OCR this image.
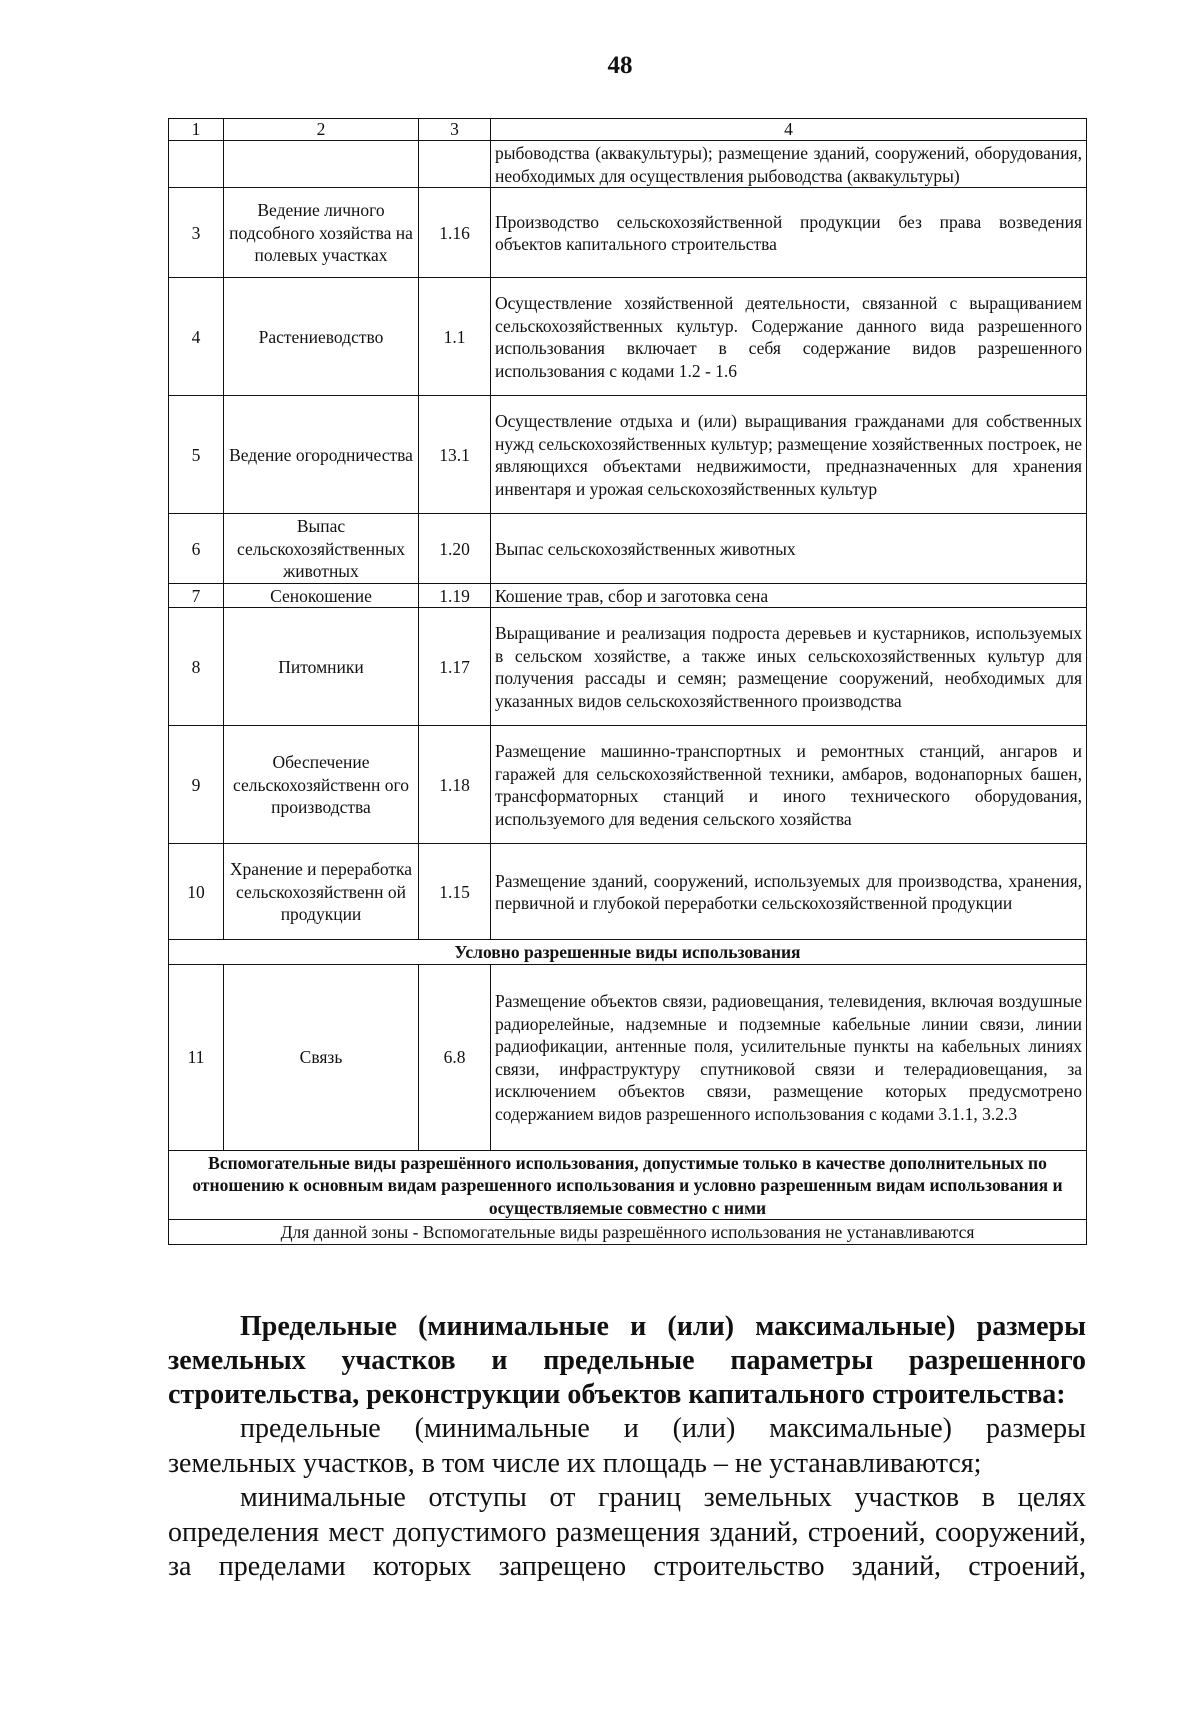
48
1	2	3	4
			рыбоводства (аквакультуры); размещение зданий, сооружений, оборудования, необходимых для осуществления рыбоводства (аквакультуры)
3	Ведение личного подсобного хозяйства на полевых участках	1.16	Производство сельскохозяйственной продукции без права возведения объектов капитального строительства
4	Растениеводство	1.1	Осуществление хозяйственной деятельности, связанной с выращиванием сельскохозяйственных культур. Содержание данного вида разрешенного использования включает в себя содержание видов разрешенного использования с кодами 1.2 - 1.6
5	Ведение огородничества	13.1	Осуществление отдыха и (или) выращивания гражданами для собственных нужд сельскохозяйственных культур; размещение хозяйственных построек, не являющихся объектами недвижимости, предназначенных для хранения инвентаря и урожая сельскохозяйственных культур
6	Выпас сельскохозяйственных животных	1.20	Выпас сельскохозяйственных животных
7	Сенокошение	1.19	Кошение трав, сбор и заготовка сена
8	Питомники	1.17	Выращивание и реализация подроста деревьев и кустарников, используемых в сельском хозяйстве, а также иных сельскохозяйственных культур для получения рассады и семян; размещение сооружений, необходимых для указанных видов сельскохозяйственного производства
9	Обеспечение сельскохозяйственн ого производства	1.18	Размещение машинно-транспортных и ремонтных станций, ангаров и гаражей для сельскохозяйственной техники, амбаров, водонапорных башен, трансформаторных станций и иного технического оборудования, используемого для ведения сельского хозяйства
10	Хранение и переработка сельскохозяйственн ой продукции	1.15	Размещение зданий, сооружений, используемых для производства, хранения, первичной и глубокой переработки сельскохозяйственной продукции
Условно разрешенные виды использования			
11	Связь	6.8	Размещение объектов связи, радиовещания, телевидения, включая воздушные радиорелейные, надземные и подземные кабельные линии связи, линии радиофикации, антенные поля, усилительные пункты на кабельных линиях связи, инфраструктуру спутниковой связи и телерадиовещания, за исключением объектов связи, размещение которых предусмотрено содержанием видов разрешенного использования с кодами 3.1.1, 3.2.3
Вспомогательные виды разрешённого использования, допустимые только в качестве дополнительных по отношению к основным видам разрешенного использования и условно разрешенным видам использования и осуществляемые совместно с ними			
Для данной зоны - Вспомогательные виды разрешённого использования не устанавливаются			

Предельные (минимальные и (или) максимальные) размеры земельных участков и предельные параметры разрешенного
строительства, реконструкции объектов капитального строительства:

предельные (минимальные и (или) максимальные) размеры земельных участков, в том числе их площадь – не устанавливаются;

минимальные отступы от границ земельных участков в целях определения мест допустимого размещения зданий, строений, сооружений, за пределами которых запрещено строительство зданий, строений,
